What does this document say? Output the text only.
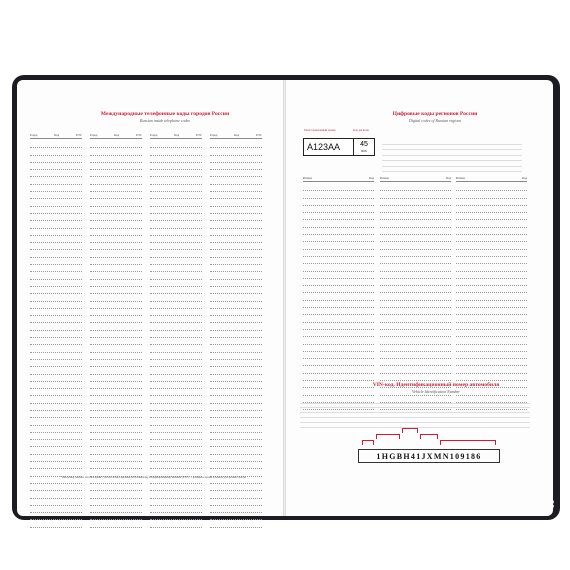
Международные телефонные коды городов России
Russian inside telephone codes
Город	Код	UTC	Город	Код	UTC	Город	Код	UTC	Город	Код	UTC
* (звездочка) означает местное время с учётом летнего времени по Всемирному координированному времени (UTC) — всемирное время, основное для часовых поясов.
Цифровые коды регионов России
Digital codes of Russian regions
Регистрационный номер	Код региона
А123АА	45
RUS
Регион	Код Регион	Код Регион	Код
VIN-код. Идентификационный номер автомобиля
Vehicle Identification Number
1HGBH41JXMN109186
